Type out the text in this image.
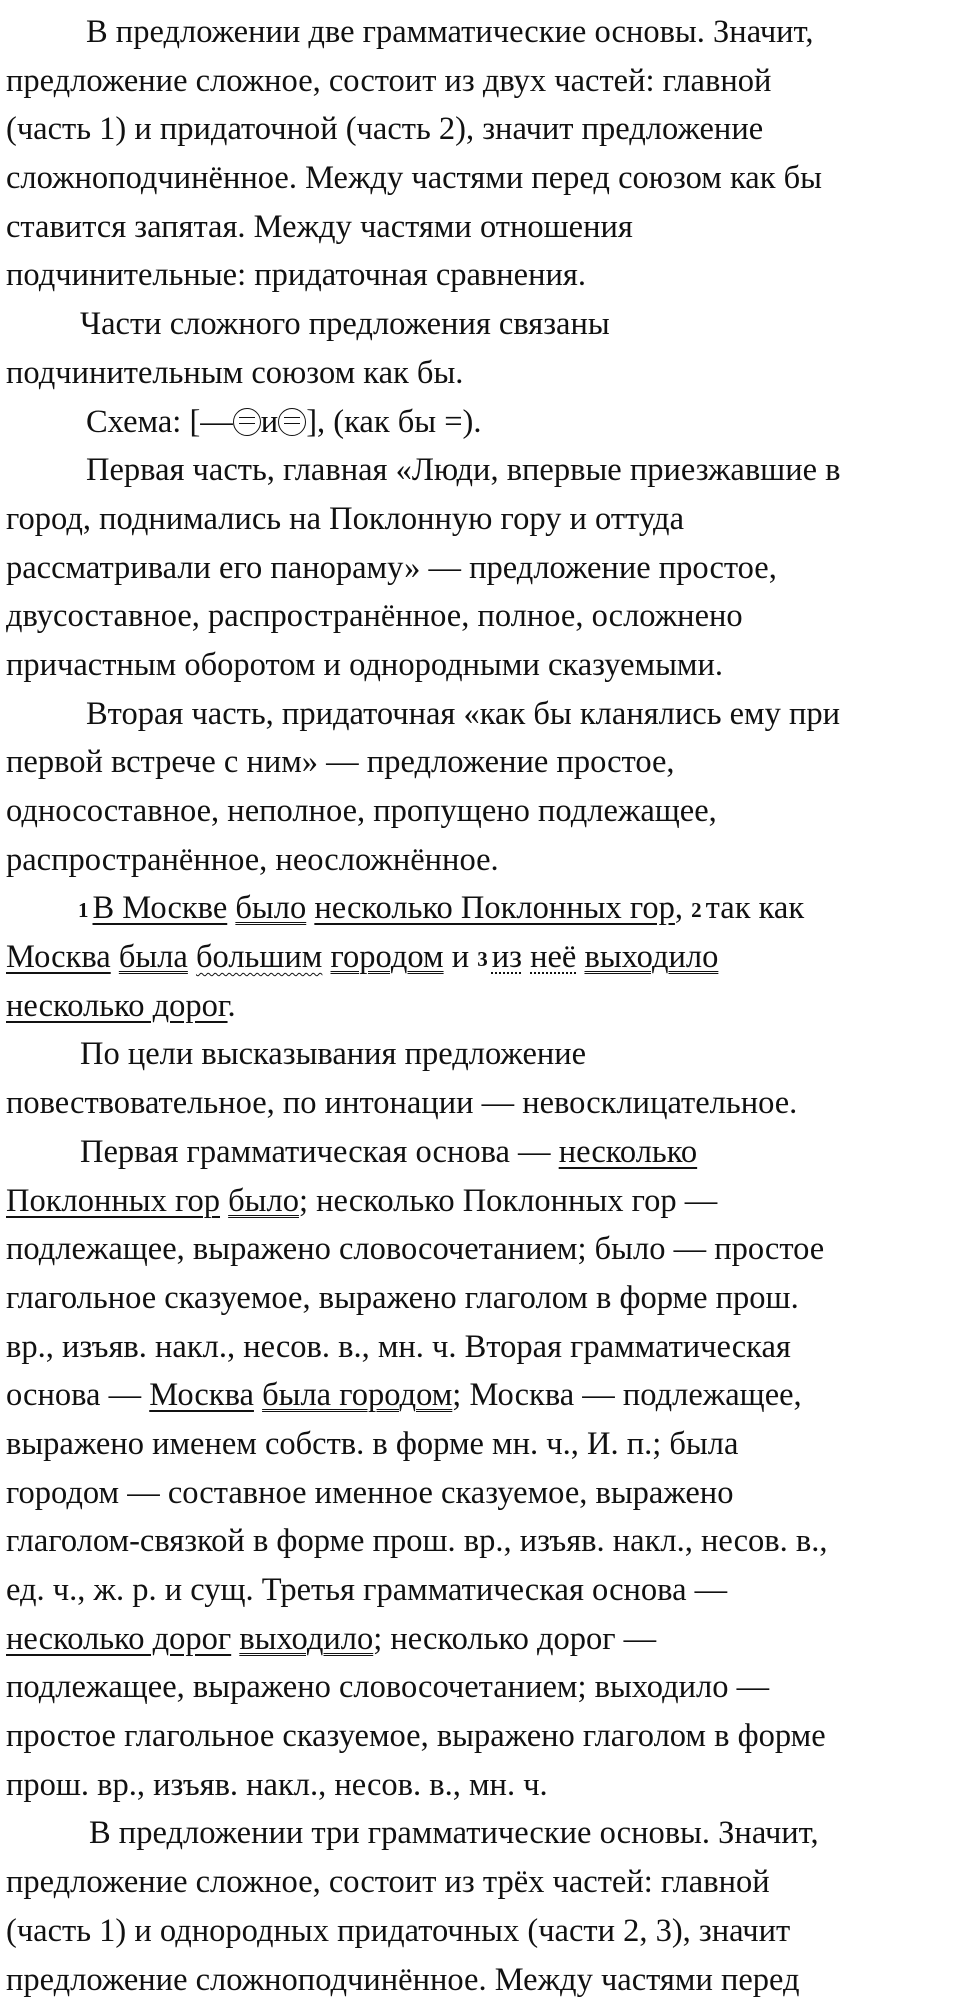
В предложении две грамматические основы. Значит,
предложение сложное, состоит из двух частей: главной
(часть 1) и придаточной (часть 2), значит предложение
сложноподчинённое. Между частями перед союзом как бы
ставится запятая. Между частями отношения
подчинительные: придаточная сравнения.
Части сложного предложения связаны
подчинительным союзом как бы.
Схема: [— и ], (как бы =).
Первая часть, главная «Люди, впервые приезжавшие в
город, поднимались на Поклонную гору и оттуда
рассматривали его панораму» — предложение простое,
двусоставное, распространённое, полное, осложнено
причастным оборотом и однородными сказуемыми.
Вторая часть, придаточная «как бы кланялись ему при
первой встрече с ним» — предложение простое,
односоставное, неполное, пропущено подлежащее,
распространённое, неосложнённое.
1 В Москве было несколько Поклонных гор, 2 так как
Москва была большим городом и 3 из неё выходило
несколько дорог.
По цели высказывания предложение
повествовательное, по интонации — невосклицательное.
Первая грамматическая основа — несколько
Поклонных гор было; несколько Поклонных гор —
подлежащее, выражено словосочетанием; было — простое
глагольное сказуемое, выражено глаголом в форме прош.
вр., изъяв. накл., несов. в., мн. ч. Вторая грамматическая
основа — Москва была городом; Москва — подлежащее,
выражено именем собств. в форме мн. ч., И. п.; была
городом — составное именное сказуемое, выражено
глаголом-связкой в форме прош. вр., изъяв. накл., несов. в.,
ед. ч., ж. р. и сущ. Третья грамматическая основа —
несколько дорог выходило; несколько дорог —
подлежащее, выражено словосочетанием; выходило —
простое глагольное сказуемое, выражено глаголом в форме
прош. вр., изъяв. накл., несов. в., мн. ч.
В предложении три грамматические основы. Значит,
предложение сложное, состоит из трёх частей: главной
(часть 1) и однородных придаточных (части 2, 3), значит
предложение сложноподчинённое. Между частями перед
